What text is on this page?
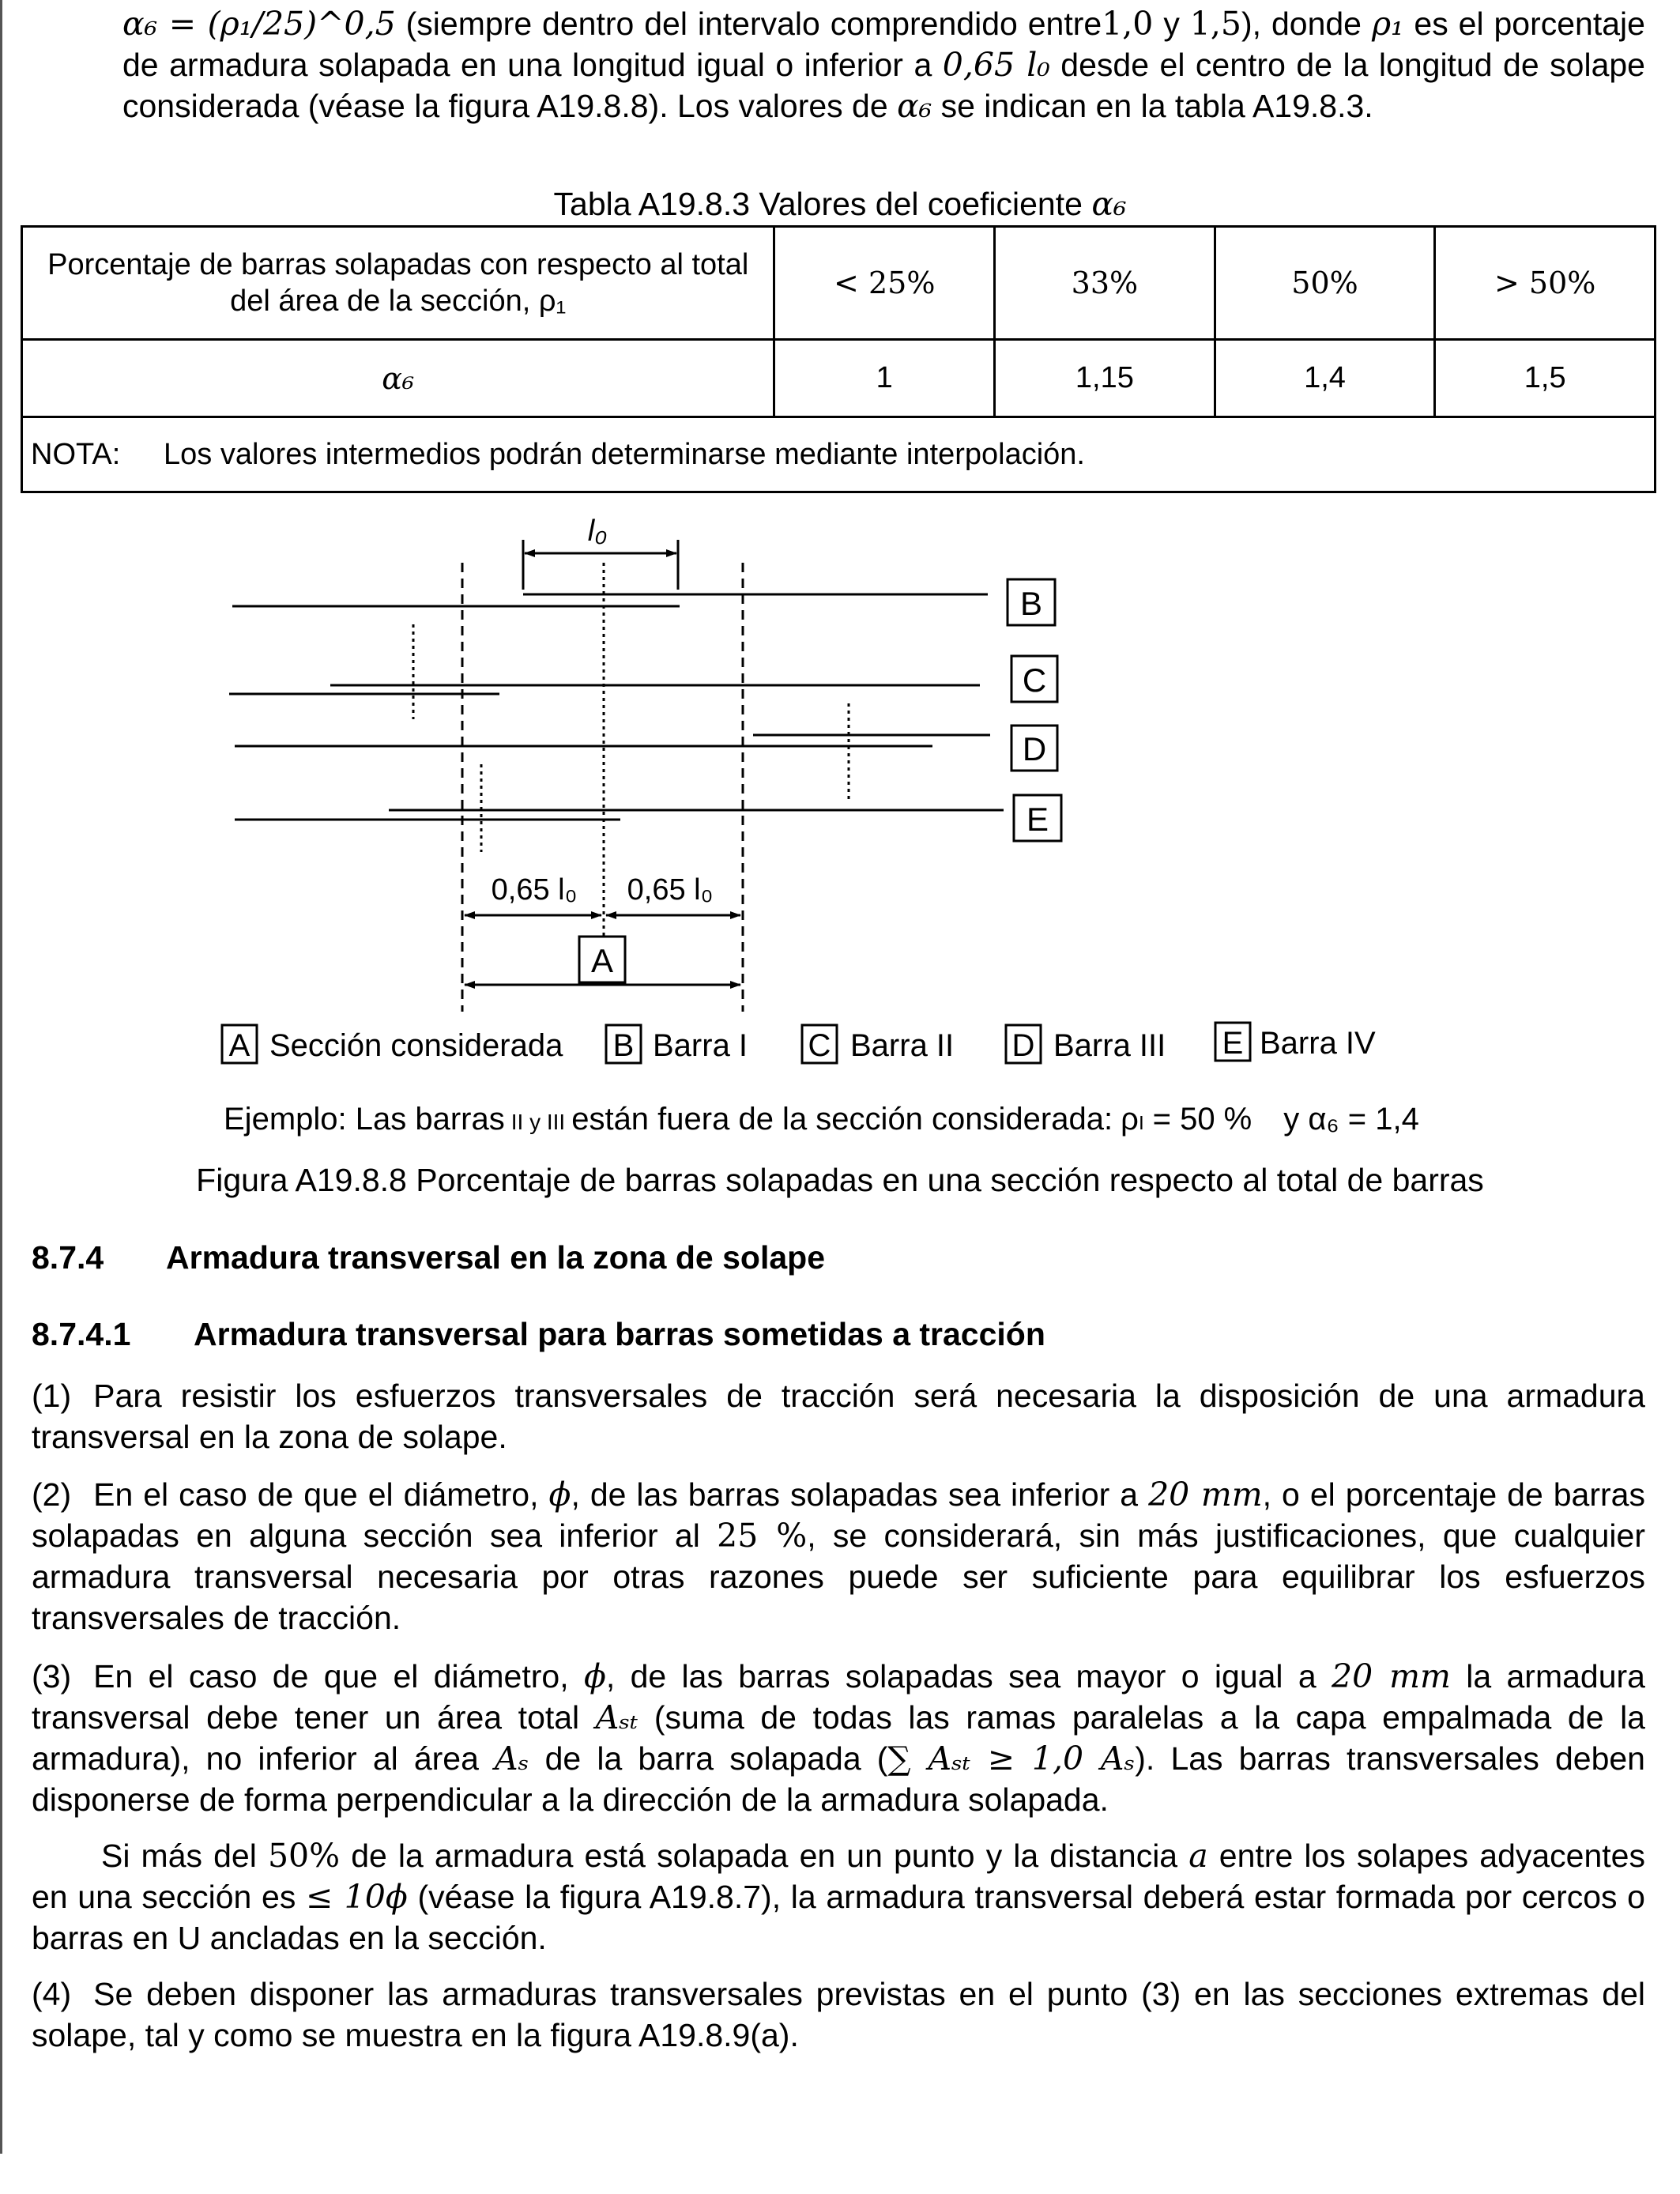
α₆ = (ρ₁/25)^0,5 (siempre dentro del intervalo comprendido entre1,0 y 1,5), donde ρ₁ es el porcentaje de armadura solapada en una longitud igual o inferior a 0,65 l₀ desde el centro de la longitud de solape considerada (véase la figura A19.8.8). Los valores de α₆ se indican en la tabla A19.8.3.

Tabla A19.8.3 Valores del coeficiente α₆
Porcentaje de barras solapadas con respecto al total del área de la sección, ρ₁	< 25%	33%	50%	> 50%
α₆	1	1,15	1,4	1,5
NOTA: Los valores intermedios podrán determinarse mediante interpolación.				
l₀
B
C
D
E
0,65 l₀ 0,65 l₀
A
A Sección considerada B Barra I C Barra II D Barra III E Barra IV
Ejemplo: Las barras II y III están fuera de la sección considerada: ρₗ = 50 % y α₆ = 1,4
Figura A19.8.8 Porcentaje de barras solapadas en una sección respecto al total de barras
8.7.4 Armadura transversal en la zona de solape
8.7.4.1 Armadura transversal para barras sometidas a tracción

(1) Para resistir los esfuerzos transversales de tracción será necesaria la disposición de una armadura transversal en la zona de solape.

(2) En el caso de que el diámetro, ϕ, de las barras solapadas sea inferior a 20 mm, o el porcentaje de barras solapadas en alguna sección sea inferior al 25 %, se considerará, sin más justificaciones, que cualquier armadura transversal necesaria por otras razones puede ser suficiente para equilibrar los esfuerzos transversales de tracción.

(3) En el caso de que el diámetro, ϕ, de las barras solapadas sea mayor o igual a 20 mm la armadura transversal debe tener un área total Aₛₜ (suma de todas las ramas paralelas a la capa empalmada de la armadura), no inferior al área Aₛ de la barra solapada (∑ Aₛₜ ≥ 1,0 Aₛ). Las barras transversales deben disponerse de forma perpendicular a la dirección de la armadura solapada.

Si más del 50% de la armadura está solapada en un punto y la distancia a entre los solapes adyacentes en una sección es ≤ 10ϕ (véase la figura A19.8.7), la armadura transversal deberá estar formada por cercos o barras en U ancladas en la sección.

(4) Se deben disponer las armaduras transversales previstas en el punto (3) en las secciones extremas del solape, tal y como se muestra en la figura A19.8.9(a).
